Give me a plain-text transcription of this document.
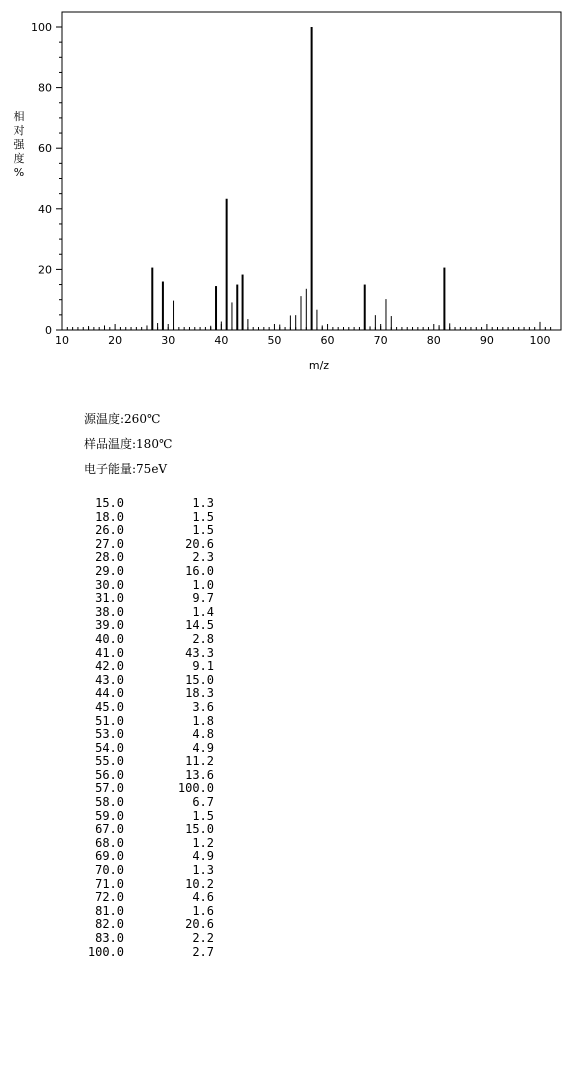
10	20	30	40	50	60	70	80	90	100
0
20
40
60
80
100
m/z
相对强度%
源温度:260℃
样品温度:180℃
电子能量:75eV
15.0	1.3
18.0	1.5
26.0	1.5
27.0	20.6
28.0	2.3
29.0	16.0
30.0	1.0
31.0	9.7
38.0	1.4
39.0	14.5
40.0	2.8
41.0	43.3
42.0	9.1
43.0	15.0
44.0	18.3
45.0	3.6
51.0	1.8
53.0	4.8
54.0	4.9
55.0	11.2
56.0	13.6
57.0	100.0
58.0	6.7
59.0	1.5
67.0	15.0
68.0	1.2
69.0	4.9
70.0	1.3
71.0	10.2
72.0	4.6
81.0	1.6
82.0	20.6
83.0	2.2
100.0	2.7
